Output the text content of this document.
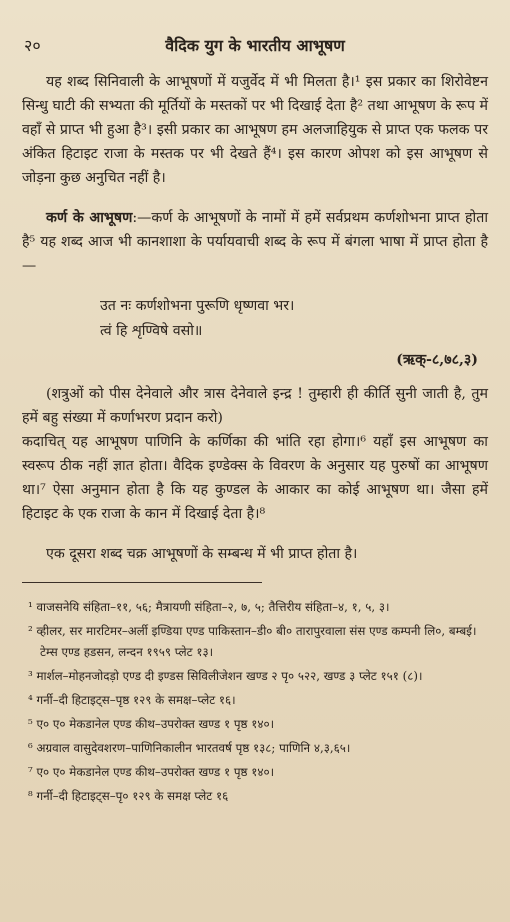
२०	वैदिक युग के भारतीय आभूषण

यह शब्द सिनिवाली के आभूषणों में यजुर्वेद में भी मिलता है।¹ इस प्रकार का शिरोवेष्टन सिन्धु घाटी की सभ्यता की मूर्तियों के मस्तकों पर भी दिखाई देता है² तथा आभूषण के रूप में वहाँ से प्राप्त भी हुआ है³। इसी प्रकार का आभूषण हम अलजाहियुक से प्राप्त एक फलक पर अंकित हिटाइट राजा के मस्तक पर भी देखते हैं⁴। इस कारण ओपश को इस आभूषण से जोड़ना कुछ अनुचित नहीं है।

कर्ण के आभूषण:—कर्ण के आभूषणों के नामों में हमें सर्वप्रथम कर्णशोभना प्राप्त होता है⁵ यह शब्द आज भी कानशाशा के पर्यायवाची शब्द के रूप में बंगला भाषा में प्राप्त होता है—

उत नः कर्णशोभना पुरूणि धृष्णवा भर।

त्वं हि शृण्विषे वसो॥

(ऋक्-८,७८,३)

(शत्रुओं को पीस देनेवाले और त्रास देनेवाले इन्द्र ! तुम्हारी ही कीर्ति सुनी जाती है, तुम हमें बहु संख्या में कर्णाभरण प्रदान करो)

कदाचित् यह आभूषण पाणिनि के कर्णिका की भांति रहा होगा।⁶ यहाँ इस आभूषण का स्वरूप ठीक नहीं ज्ञात होता। वैदिक इण्डेक्स के विवरण के अनुसार यह पुरुषों का आभूषण था।⁷ ऐसा अनुमान होता है कि यह कुण्डल के आकार का कोई आभूषण था। जैसा हमें हिटाइट के एक राजा के कान में दिखाई देता है।⁸

एक दूसरा शब्द चक्र आभूषणों के सम्बन्ध में भी प्राप्त होता है।

¹ वाजसनेयि संहिता–११, ५६; मैत्रायणी संहिता–२, ७, ५; तैत्तिरीय संहिता–४, १, ५, ३।

² व्हीलर, सर मारटिमर–अर्ली इण्डिया एण्ड पाकिस्तान–डी० बी० तारापुरवाला संस एण्ड कम्पनी लि०, बम्बई। टेम्स एण्ड हडसन, लन्दन १९५९ प्लेट १३।

³ मार्शल–मोहनजोदड़ो एण्ड दी इण्डस सिविलीजेशन खण्ड २ पृ० ५२२, खण्ड ३ प्लेट १५१ (८)।

⁴ गर्नी–दी हिटाइट्स–पृष्ठ १२९ के समक्ष–प्लेट १६।

⁵ ए० ए० मेकडानेल एण्ड कीथ–उपरोक्त खण्ड १ पृष्ठ १४०।

⁶ अग्रवाल वासुदेवशरण–पाणिनिकालीन भारतवर्ष पृष्ठ १३८; पाणिनि ४,३,६५।

⁷ ए० ए० मेकडानेल एण्ड कीथ–उपरोक्त खण्ड १ पृष्ठ १४०।

⁸ गर्नी–दी हिटाइट्स–पृ० १२९ के समक्ष प्लेट १६
